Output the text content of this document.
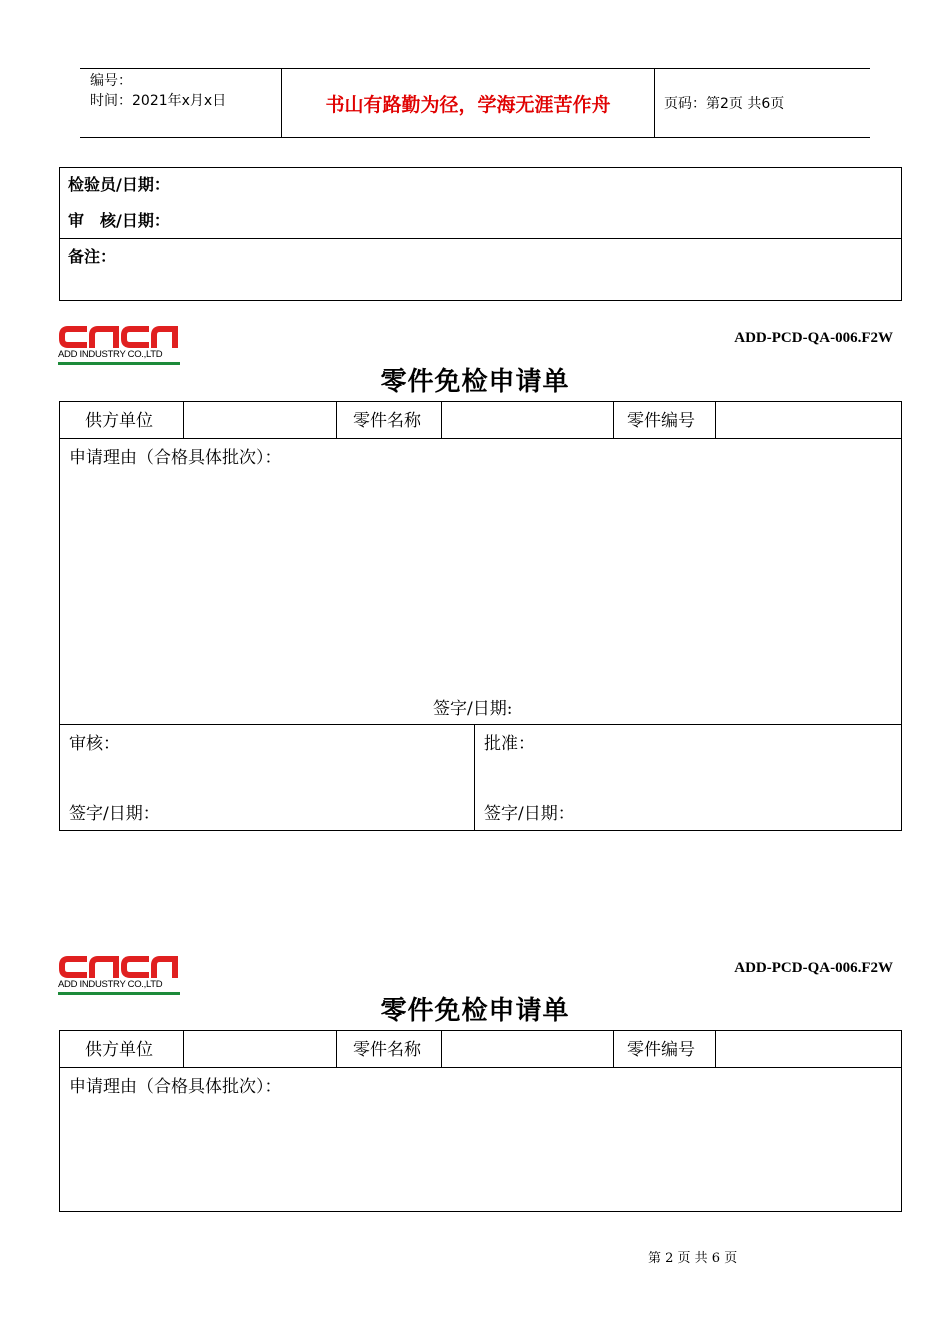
编号：
时间：2021年x月x日	书山有路勤为径，学海无涯苦作舟	页码：第2页 共6页
检验员/日期：
审　核/日期：
备注：
ADD INDUSTRY CO.,LTD
ADD-PCD-QA-006.F2W
零件免检申请单
供方单位	零件名称	零件编号
申请理由（合格具体批次）：
签字/日期:
审核：
签字/日期：
批准：
签字/日期：
ADD INDUSTRY CO.,LTD
ADD-PCD-QA-006.F2W
零件免检申请单
供方单位	零件名称	零件编号
申请理由（合格具体批次）：
第 2 页 共 6 页
